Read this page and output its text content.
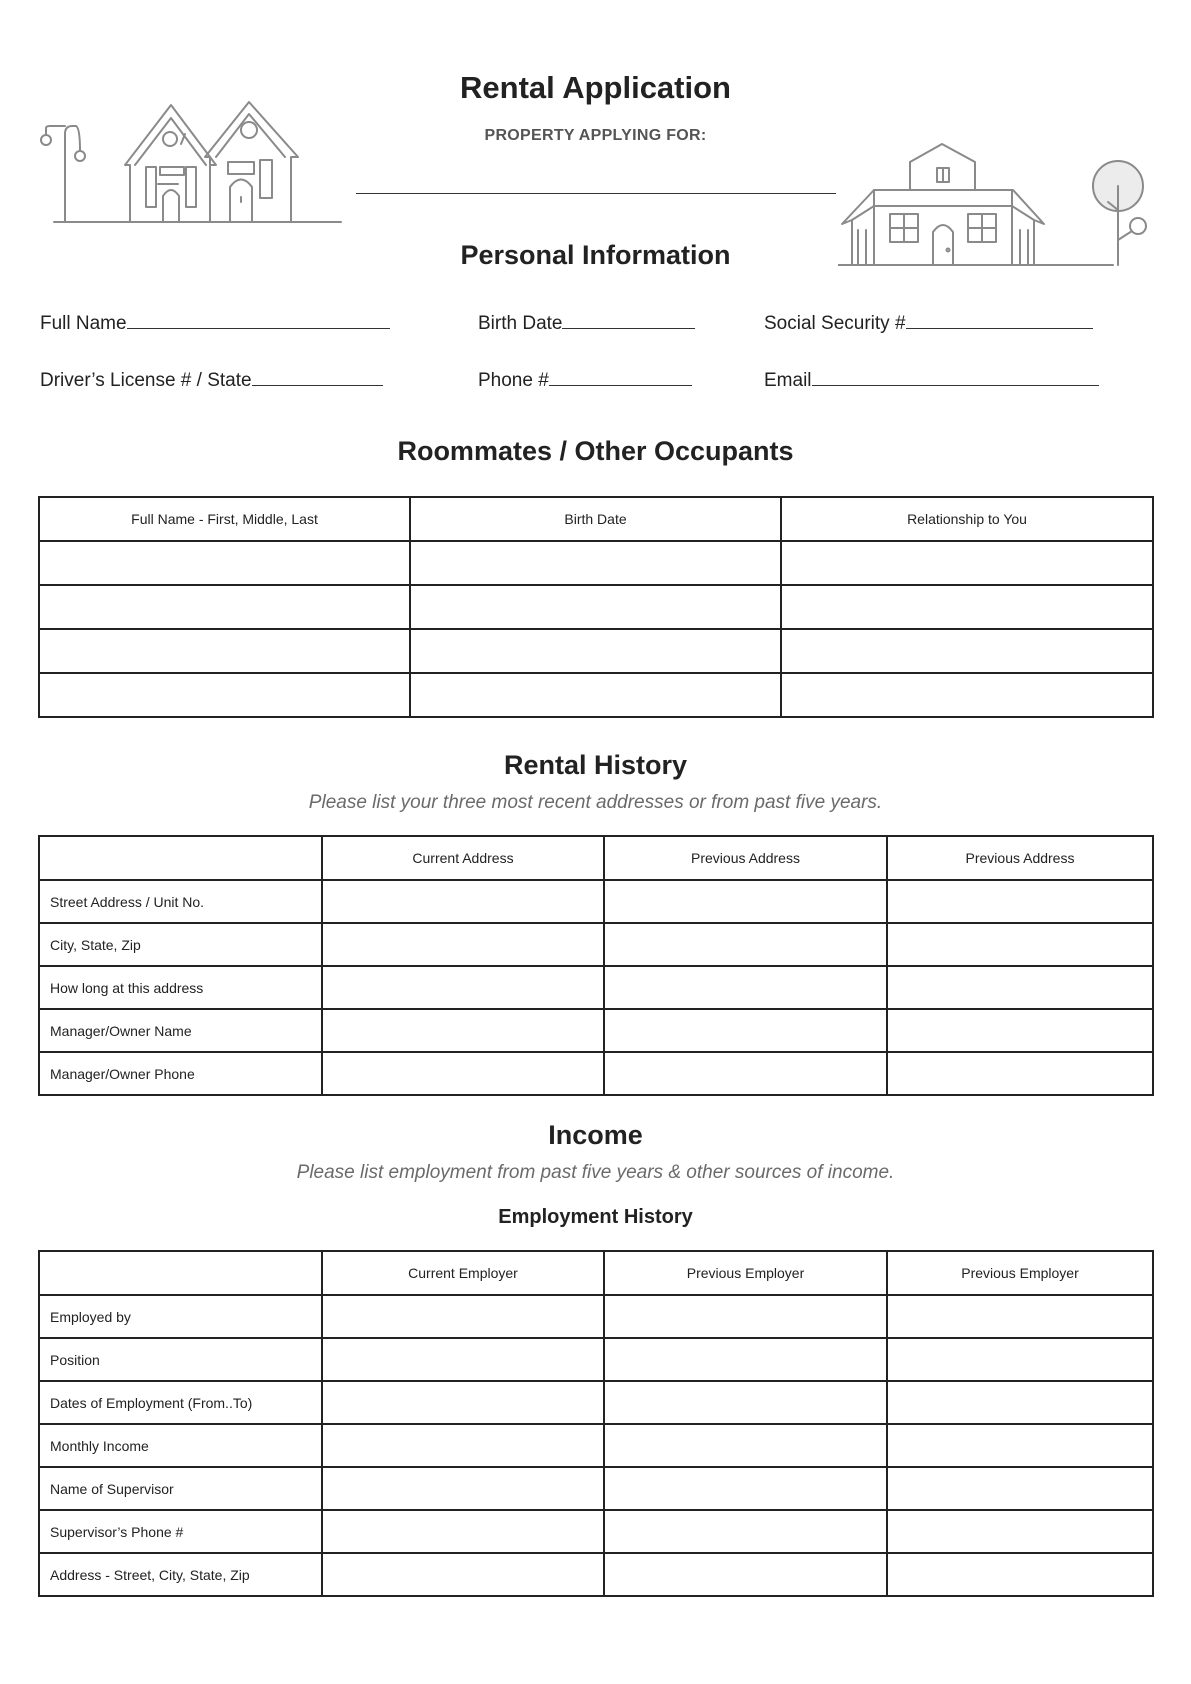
Rental Application
PROPERTY APPLYING FOR:
Personal Information
Full Name	Birth Date	Social Security #
Driver’s License # / State	Phone #	Email
Roommates / Other Occupants
Full Name - First, Middle, Last	Birth Date	Relationship to You

Rental History
Please list your three most recent addresses or from past five years.
	Current Address	Previous Address	Previous Address
Street Address / Unit No.			
City, State, Zip			
How long at this address			
Manager/Owner Name			
Manager/Owner Phone			
Income
Please list employment from past five years & other sources of income.
Employment History
	Current Employer	Previous Employer	Previous Employer
Employed by			
Position			
Dates of Employment (From..To)			
Monthly Income			
Name of Supervisor			
Supervisor’s Phone #			
Address - Street, City, State, Zip			
